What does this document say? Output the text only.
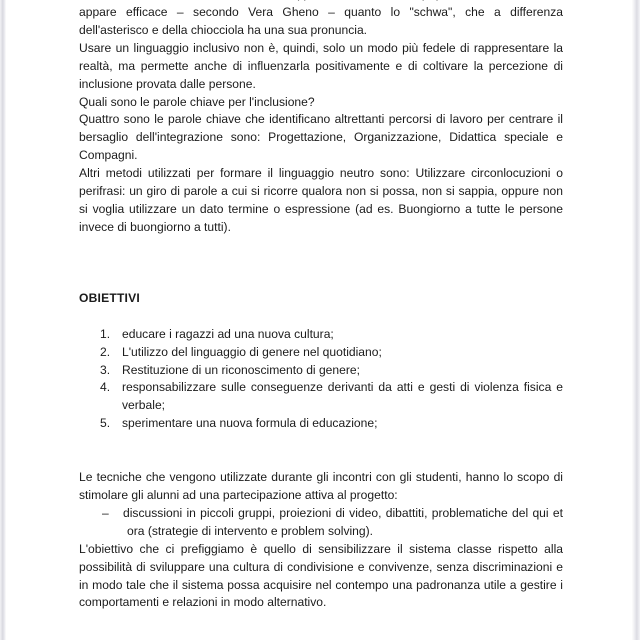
appare efficace – secondo Vera Gheno – quanto lo "schwa", che a differenza dell'asterisco e della chiocciola ha una sua pronuncia.

Usare un linguaggio inclusivo non è, quindi, solo un modo più fedele di rappresentare la realtà, ma permette anche di influenzarla positivamente e di coltivare la percezione di inclusione provata dalle persone.

Quali sono le parole chiave per l'inclusione?

Quattro sono le parole chiave che identificano altrettanti percorsi di lavoro per centrare il bersaglio dell'integrazione sono: Progettazione, Organizzazione, Didattica speciale e Compagni.

Altri metodi utilizzati per formare il linguaggio neutro sono: Utilizzare circonlocuzioni o perifrasi: un giro di parole a cui si ricorre qualora non si possa, non si sappia, oppure non si voglia utilizzare un dato termine o espressione (ad es. Buongiorno a tutte le persone invece di buongiorno a tutti).

OBIETTIVI
educare i ragazzi ad una nuova cultura;
L'utilizzo del linguaggio di genere nel quotidiano;
Restituzione di un riconoscimento di genere;
responsabilizzare sulle conseguenze derivanti da atti e gesti di violenza fisica e verbale;
sperimentare una nuova formula di educazione;

Le tecniche che vengono utilizzate durante gli incontri con gli studenti, hanno lo scopo di stimolare gli alunni ad una partecipazione attiva al progetto:

– discussioni in piccoli gruppi, proiezioni di video, dibattiti, problematiche del qui et ora (strategie di intervento e problem solving).

L'obiettivo che ci prefiggiamo è quello di sensibilizzare il sistema classe rispetto alla possibilità di sviluppare una cultura di condivisione e convivenze, senza discriminazioni e in modo tale che il sistema possa acquisire nel contempo una padronanza utile a gestire i comportamenti e relazioni in modo alternativo.
